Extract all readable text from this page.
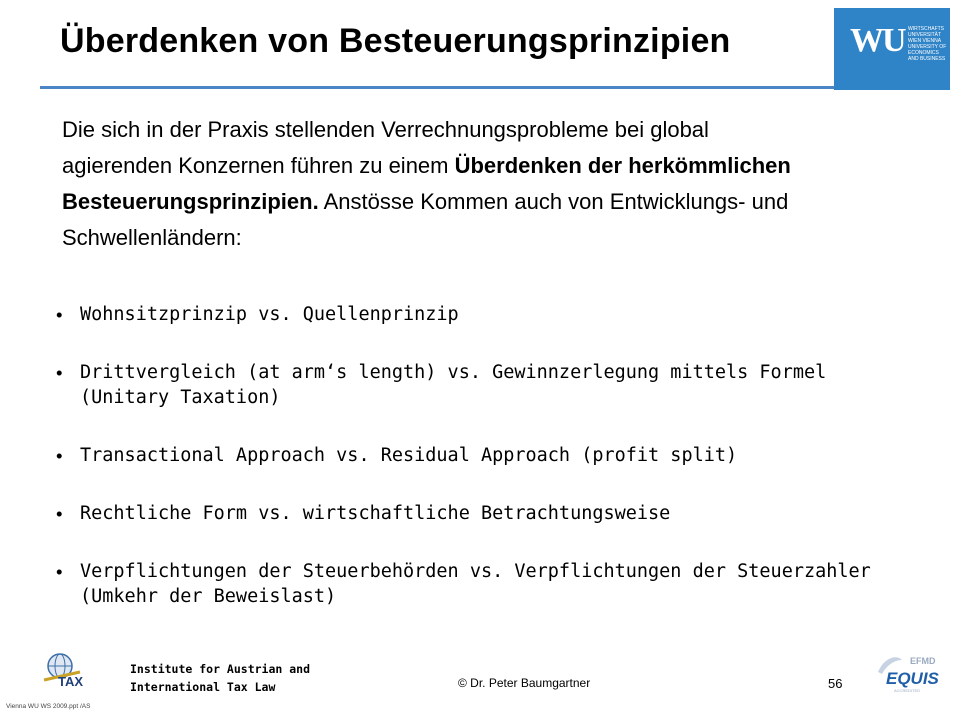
Überdenken von Besteuerungsprinzipien	WU WIRTSCHAFTS UNIVERSITÄT WIEN VIENNA UNIVERSITY OF ECONOMICS AND BUSINESS

Die sich in der Praxis stellenden Verrechnungsprobleme bei global agierenden Konzernen führen zu einem Überdenken der herkömmlichen Besteuerungsprinzipien. Anstösse Kommen auch von Entwicklungs- und Schwellenländern:

• Wohnsitzprinzip vs. Quellenprinzip
• Drittvergleich (at arm‘s length) vs. Gewinnzerlegung mittels Formel (Unitary Taxation)
• Transactional Approach vs. Residual Approach (profit split)
• Rechtliche Form vs. wirtschaftliche Betrachtungsweise
• Verpflichtungen der Steuerbehörden vs. Verpflichtungen der Steuerzahler (Umkehr der Beweislast)
TAX

Institute for Austrian and
International Tax Law	© Dr. Peter Baumgartner	56

EFMD
EQUIS
ACCREDITED

Vienna WU WS 2009.ppt /AS
